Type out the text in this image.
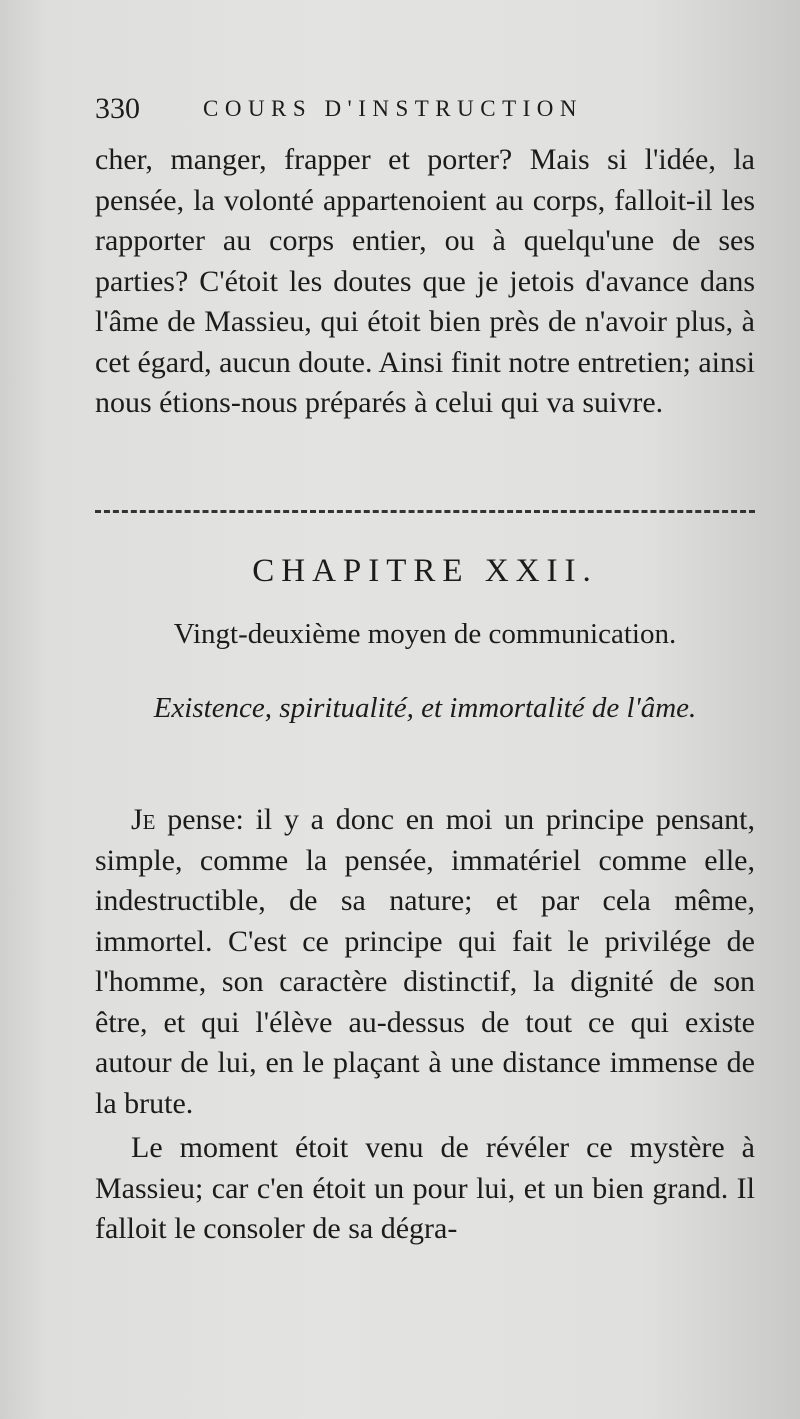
330	COURS D'INSTRUCTION

cher, manger, frapper et porter? Mais si l'idée, la pensée, la volonté appartenoient au corps, falloit-il les rapporter au corps entier, ou à quelqu'une de ses parties? C'étoit les doutes que je jetois d'avance dans l'âme de Massieu, qui étoit bien près de n'avoir plus, à cet égard, aucun doute. Ainsi finit notre entretien; ainsi nous étions-nous préparés à celui qui va suivre.

CHAPITRE XXII.
Vingt-deuxième moyen de communication.
Existence, spiritualité, et immortalité de l'âme.

Je pense: il y a donc en moi un principe pensant, simple, comme la pensée, immatériel comme elle, indestructible, de sa nature; et par cela même, immortel. C'est ce principe qui fait le privilége de l'homme, son caractère distinctif, la dignité de son être, et qui l'élève au-dessus de tout ce qui existe autour de lui, en le plaçant à une distance immense de la brute.

Le moment étoit venu de révéler ce mystère à Massieu; car c'en étoit un pour lui, et un bien grand. Il falloit le consoler de sa dégra-
